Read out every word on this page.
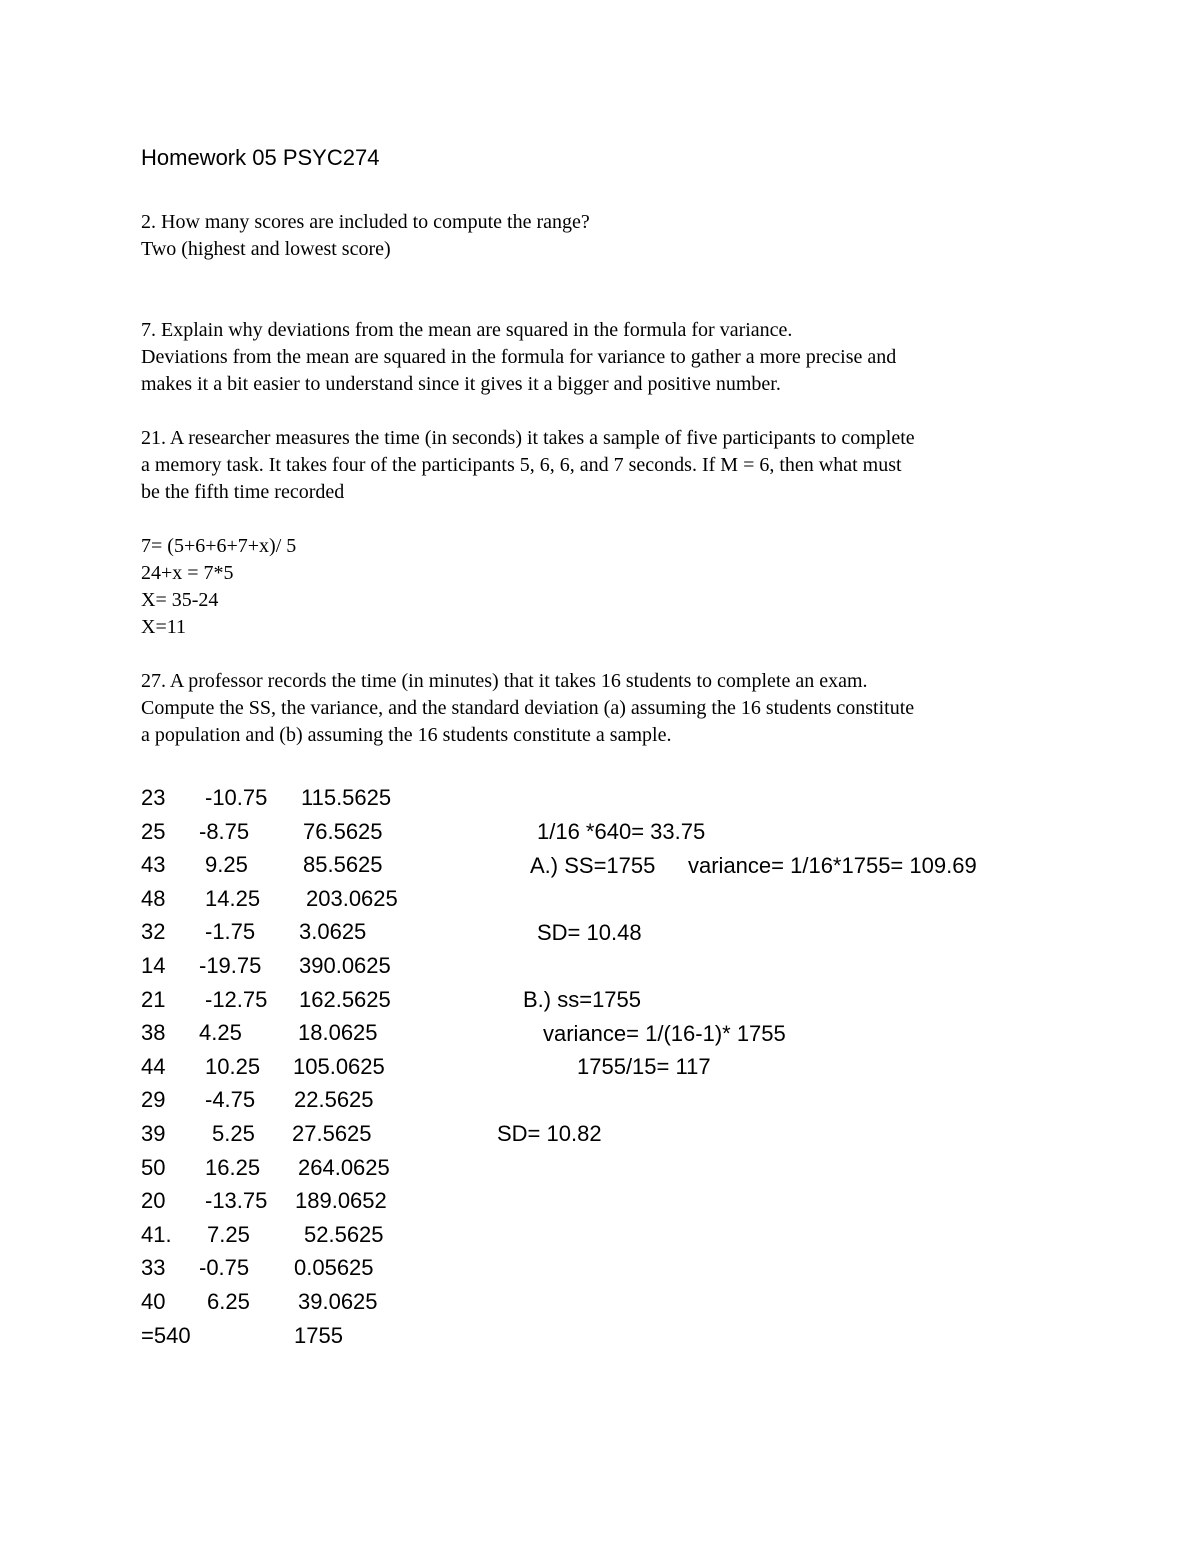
Homework 05 PSYC274
2. How many scores are included to compute the range?
Two (highest and lowest score)
7. Explain why deviations from the mean are squared in the formula for variance.
Deviations from the mean are squared in the formula for variance to gather a more precise and
makes it a bit easier to understand since it gives it a bigger and positive number.
21. A researcher measures the time (in seconds) it takes a sample of five participants to complete
a memory task. It takes four of the participants 5, 6, 6, and 7 seconds. If M = 6, then what must
be the fifth time recorded
7= (5+6+6+7+x)/ 5
24+x = 7*5
X= 35-24
X=11
27. A professor records the time (in minutes) that it takes 16 students to complete an exam.
Compute the SS, the variance, and the standard deviation (a) assuming the 16 students constitute
a population and (b) assuming the 16 students constitute a sample.
23 -10.75 115.5625
25 -8.75 76.5625
43 9.25	85.5625
48 14.25 203.0625
32 -1.75 3.0625
14 -19.75 390.0625
21 -12.75 162.5625
38 4.25	18.0625
44 10.25 105.0625
29 -4.75 22.5625
39 5.25 27.5625
50 16.25 264.0625
20 -13.75 189.0652
41. 7.25 52.5625
33 -0.75 0.05625
40 6.25 39.0625
=540	1755
1/16 *640= 33.75
A.) SS=1755 variance= 1/16*1755= 109.69
SD= 10.48
B.) ss=1755
variance= 1/(16-1)* 1755
1755/15= 117
SD= 10.82
